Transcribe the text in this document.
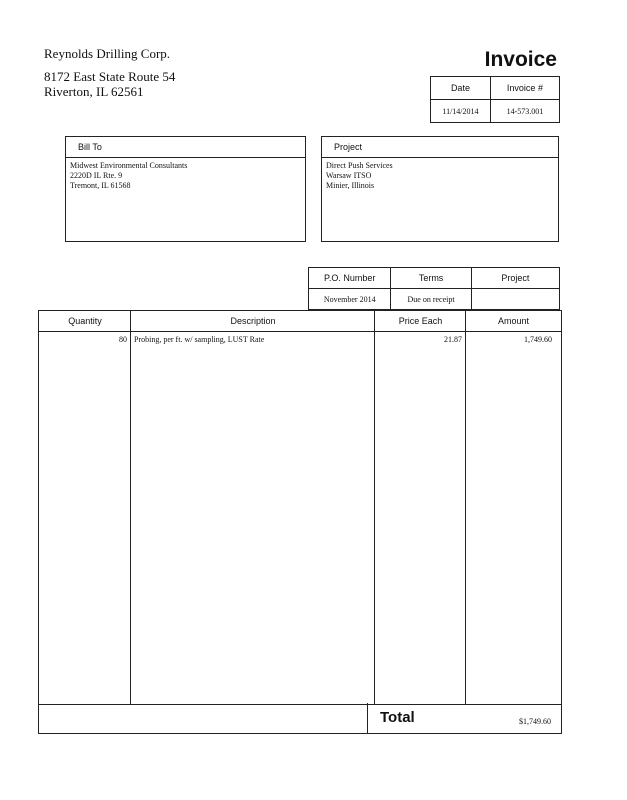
Reynolds Drilling Corp.
8172 East State Route 54
Riverton, IL 62561
Invoice
Date	Invoice #
11/14/2014	14-573.001
Bill To
Midwest Environmental Consultants
2220D IL Rte. 9
Tremont, IL 61568
Project
Direct Push Services
Warsaw ITSO
Minier, Illinois
P.O. Number	Terms	Project
November 2014	Due on receipt	
Quantity	Description	Price Each	Amount
80 Probing, per ft. w/ sampling, LUST Rate	21.87	1,749.60
Total	$1,749.60
